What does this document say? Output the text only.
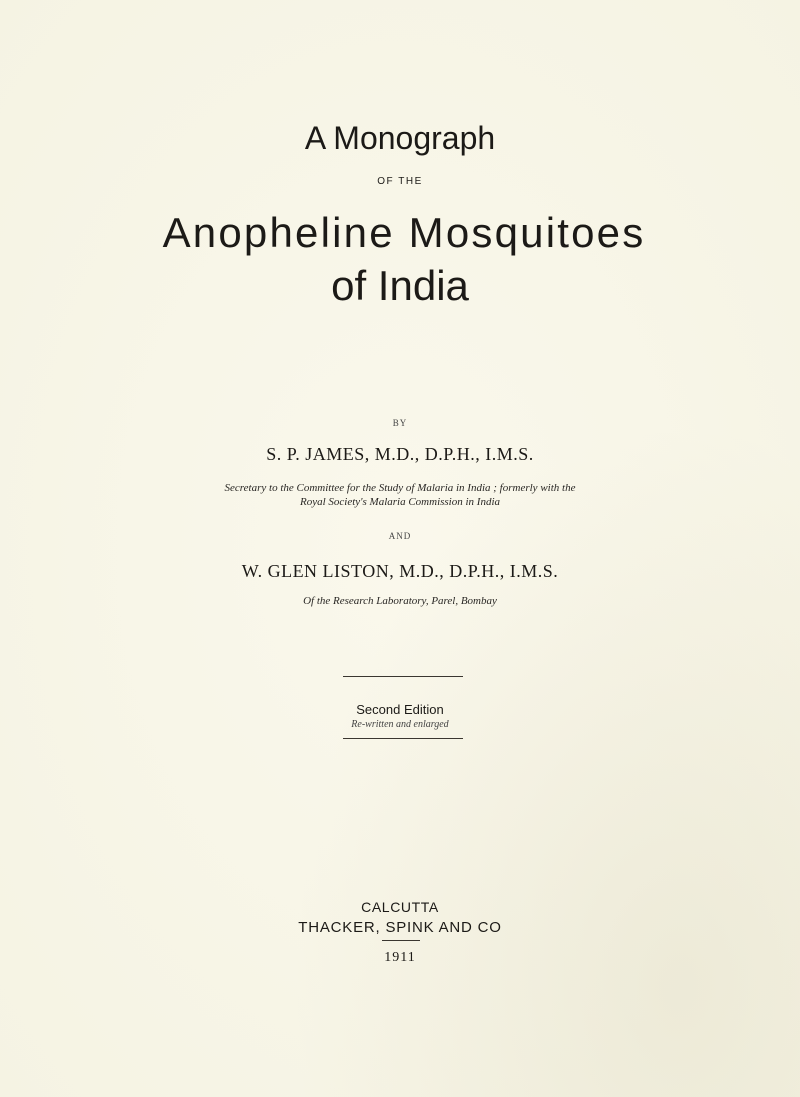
A Monograph
OF THE
Anopheline Mosquitoes
of India
BY
S. P. JAMES, M.D., D.P.H., I.M.S.
Secretary to the Committee for the Study of Malaria in India ; formerly with the
Royal Society's Malaria Commission in India
AND
W. GLEN LISTON, M.D., D.P.H., I.M.S.
Of the Research Laboratory, Parel, Bombay
Second Edition
Re-written and enlarged
CALCUTTA
THACKER, SPINK AND CO
1911
